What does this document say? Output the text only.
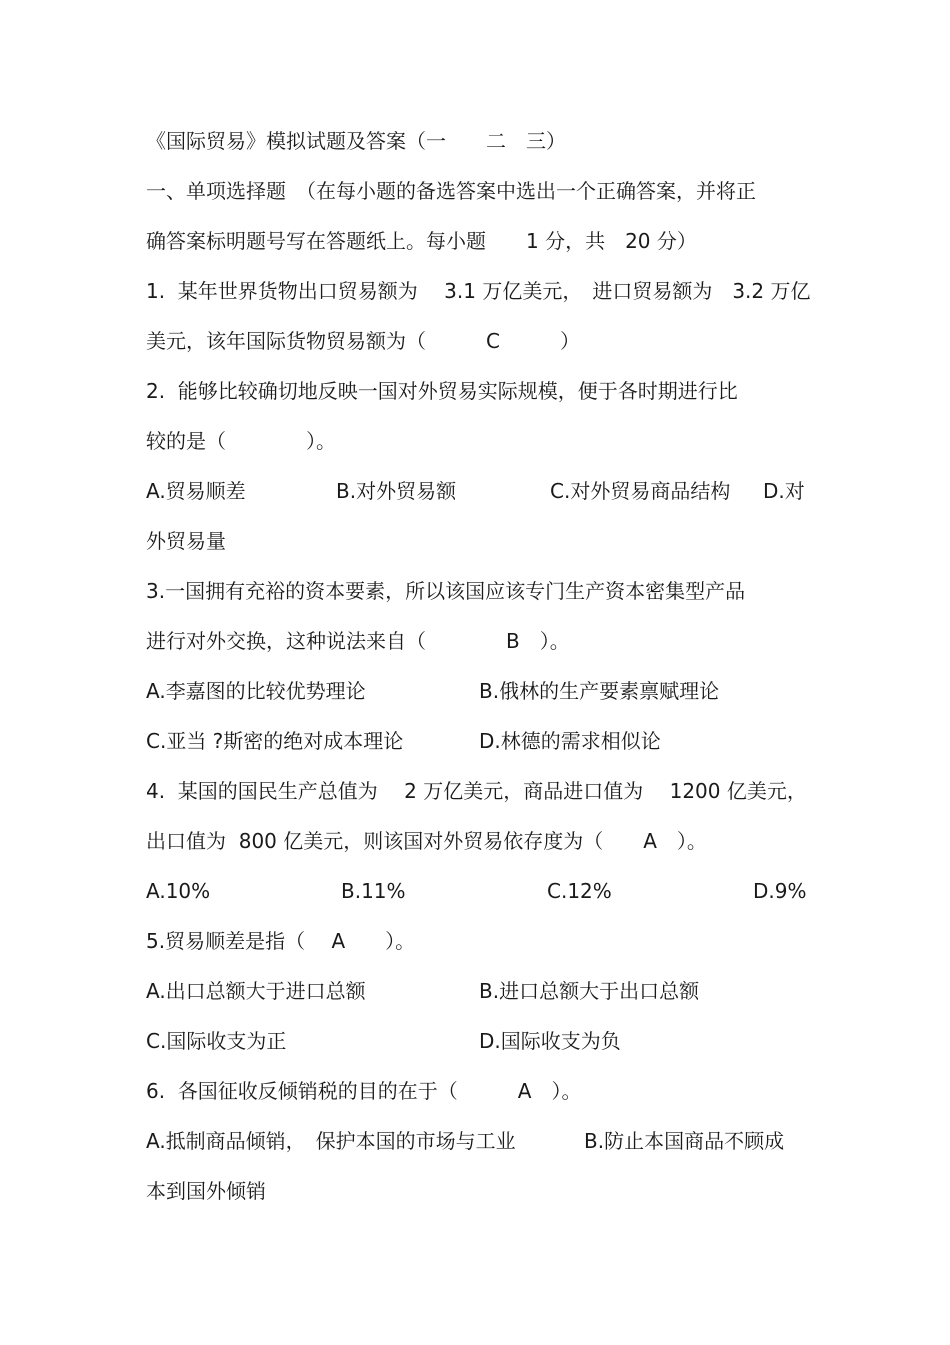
《国际贸易》模拟试题及答案（一　　二　三）
一、单项选择题　（在每小题的备选答案中选出一个正确答案，并将正
确答案标明题号写在答题纸上。每小题　　1 分，共　20 分）
1.  某年世界货物出口贸易额为　 3.1 万亿美元，　进口贸易额为　3.2 万亿
美元，该年国际货物贸易额为（　　　C　　　）
2.  能够比较确切地反映一国对外贸易实际规模，便于各时期进行比
较的是（　　　　）。
A.贸易顺差	B.对外贸易额	C.对外贸易商品结构 D.对
外贸易量
3.一国拥有充裕的资本要素，所以该国应该专门生产资本密集型产品
进行对外交换，这种说法来自（　　　　B　）。
A.李嘉图的比较优势理论	B.俄林的生产要素禀赋理论
C.亚当 ?斯密的绝对成本理论	D.林德的需求相似论
4.  某国的国民生产总值为　 2 万亿美元，商品进口值为　 1200 亿美元，
出口值为  800 亿美元，则该国对外贸易依存度为（　　A　）。
A.10%	B.11%	C.12%	D.9%
5.贸易顺差是指（　 A　　）。
A.出口总额大于进口总额	B.进口总额大于出口总额
C.国际收支为正	D.国际收支为负
6.  各国征收反倾销税的目的在于（　　　A　）。
A.抵制商品倾销，　保护本国的市场与工业	B.防止本国商品不顾成
本到国外倾销
